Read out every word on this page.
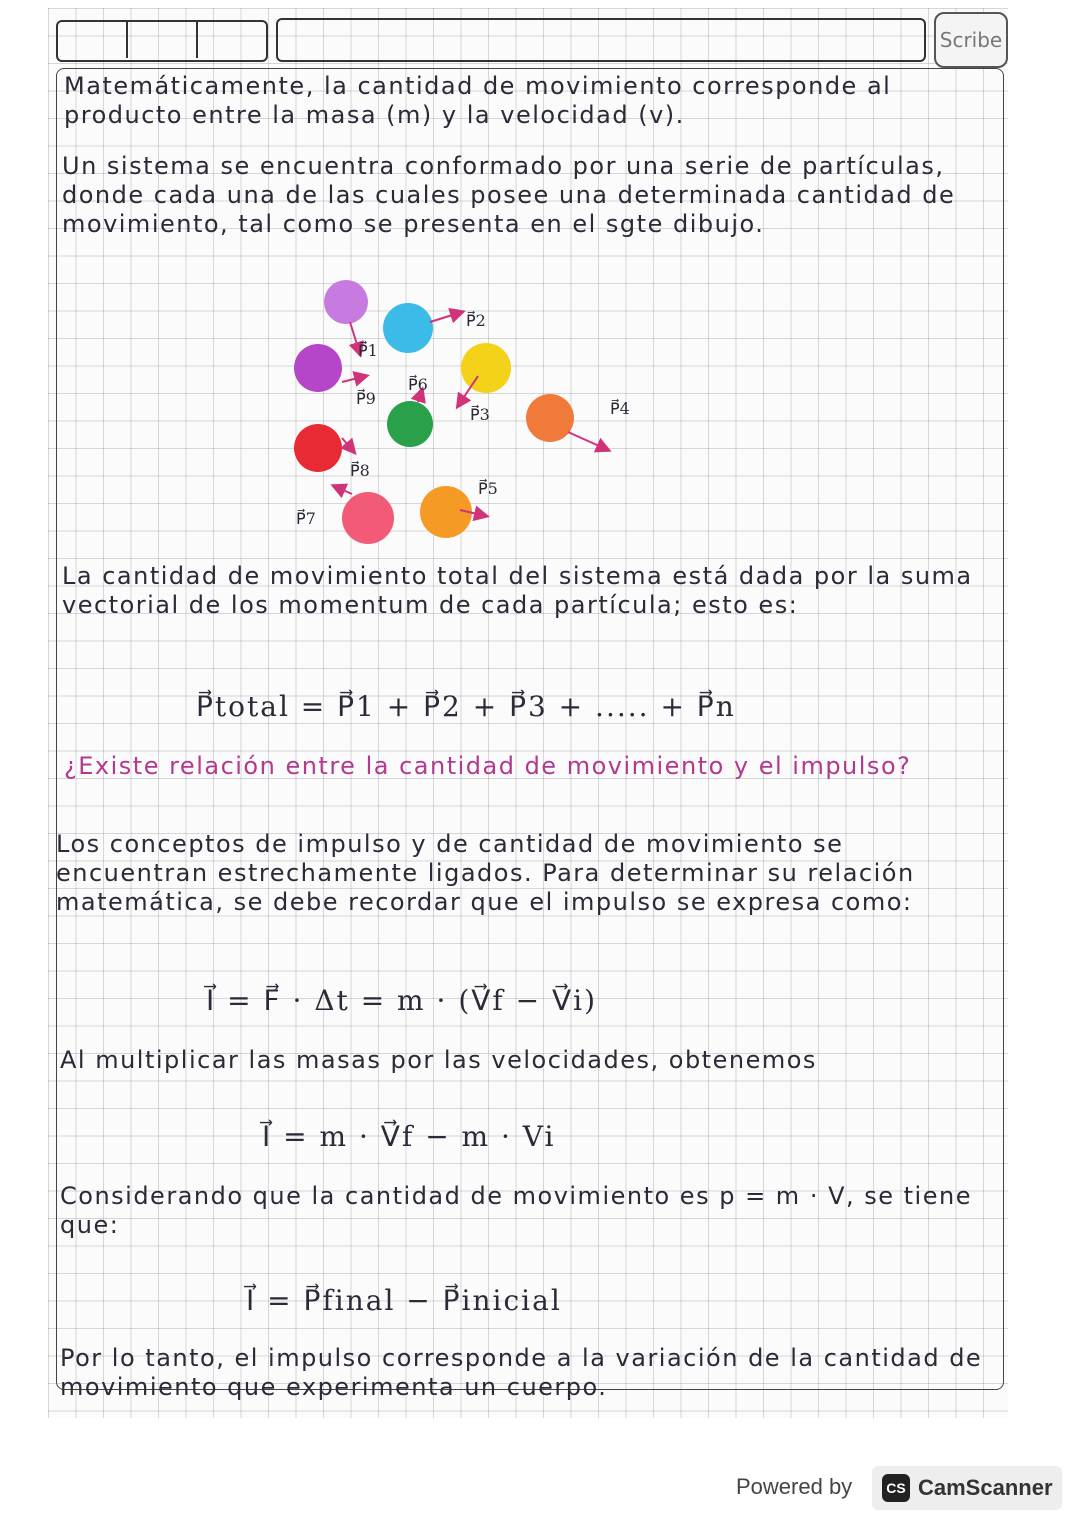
Scribe

Matemáticamente, la cantidad de movimiento corresponde al producto entre la masa (m) y la velocidad (v).

Un sistema se encuentra conformado por una serie de partículas, donde cada una de las cuales posee una determinada cantidad de movimiento, tal como se presenta en el sgte dibujo.

P⃗1
P⃗2
P⃗3	P⃗4
P⃗5
P⃗6
P⃗7
P⃗8
P⃗9

La cantidad de movimiento total del sistema está dada por la suma vectorial de los momentum de cada partícula; esto es:

P⃗total = P⃗1 + P⃗2 + P⃗3 + ..... + P⃗n

¿Existe relación entre la cantidad de movimiento y el impulso?

Los conceptos de impulso y de cantidad de movimiento se encuentran estrechamente ligados. Para determinar su relación matemática, se debe recordar que el impulso se expresa como:

I⃗ = F⃗ · Δt = m · (V⃗f − V⃗i)

Al multiplicar las masas por las velocidades, obtenemos

I⃗ = m · V⃗f − m · Vi

Considerando que la cantidad de movimiento es p = m · V, se tiene que:

I⃗ = P⃗final − P⃗inicial

Por lo tanto, el impulso corresponde a la variación de la cantidad de movimiento que experimenta un cuerpo.

Powered by	CS CamScanner
